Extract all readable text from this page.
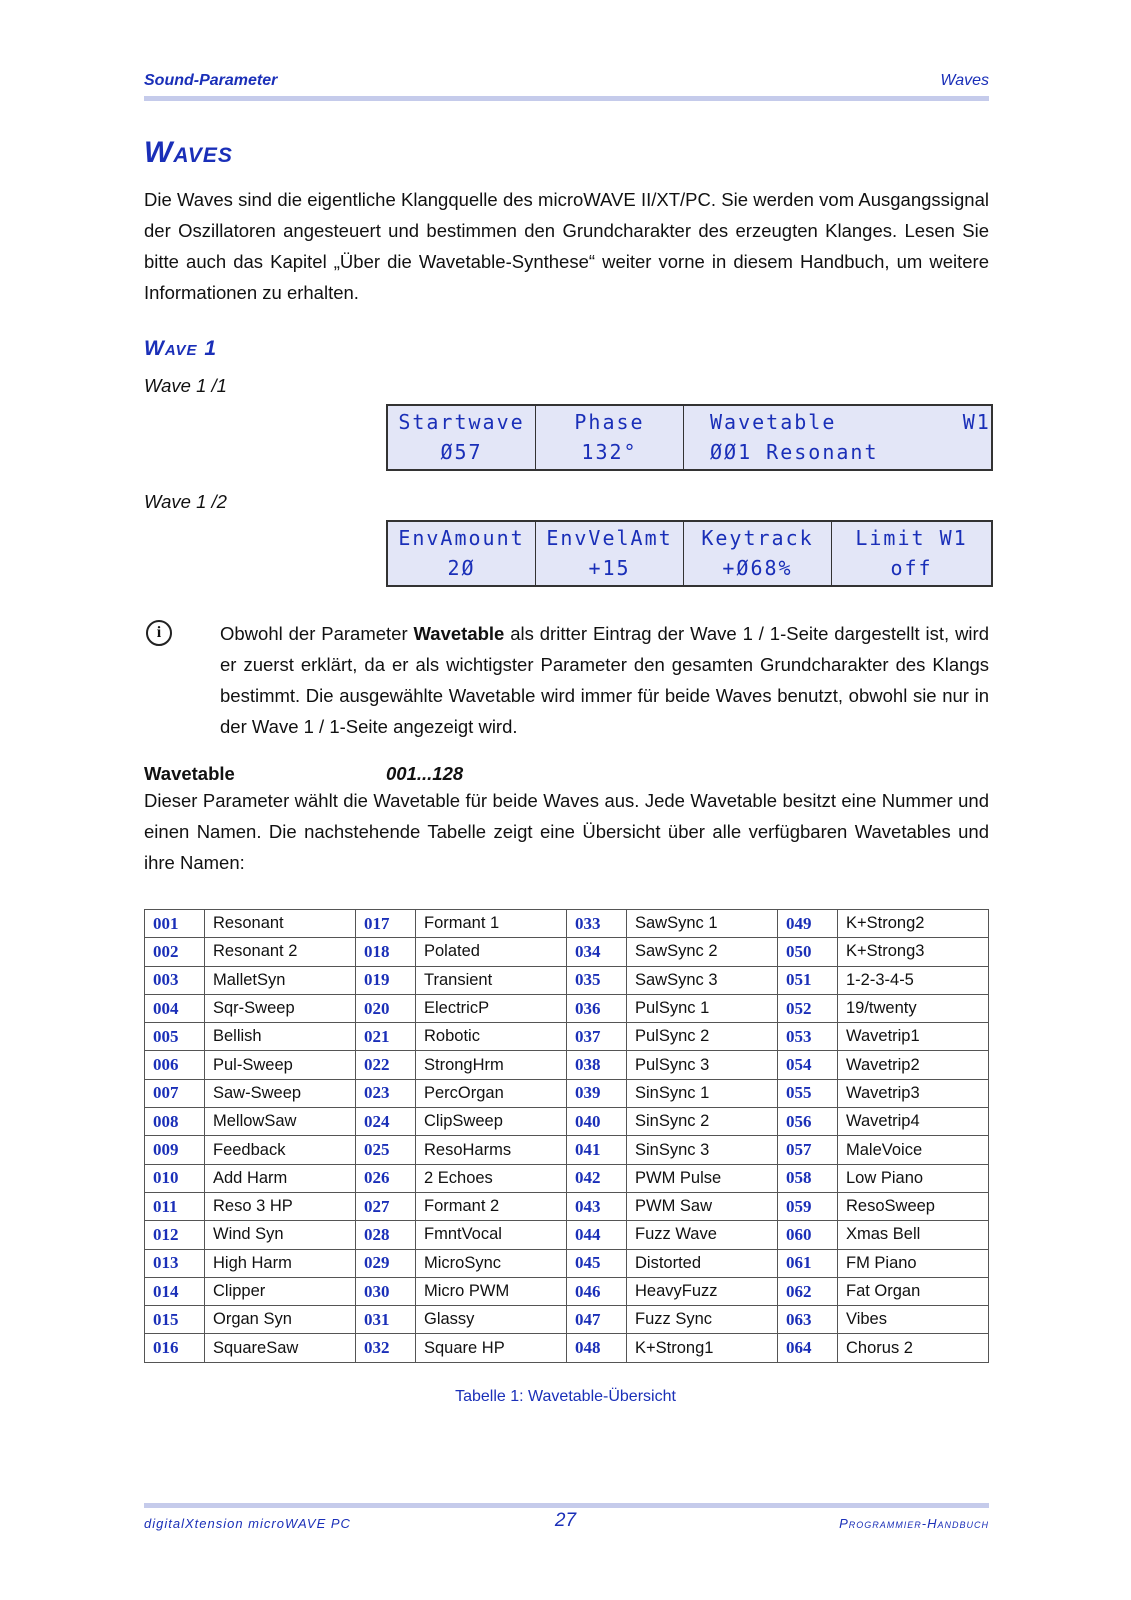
Sound-Parameter	Waves
Waves
Die Waves sind die eigentliche Klangquelle des microWAVE II/XT/PC. Sie werden vom Ausgangssignal der Oszillatoren angesteuert und bestimmen den Grundcharakter des erzeugten Klanges. Lesen Sie bitte auch das Kapitel „Über die Wavetable-Synthese“ weiter vorne in diesem Handbuch, um weitere Informationen zu erhalten.
Wave 1
Wave 1 /1
Startwave
Ø57
Phase
132°
Wavetable         W1
ØØ1 Resonant
Wave 1 /2
EnvAmount
2Ø
EnvVelAmt
+15
Keytrack
+Ø68%
Limit W1
off
i	Obwohl der Parameter Wavetable als dritter Eintrag der Wave 1 / 1-Seite dargestellt ist, wird er zuerst erklärt, da er als wichtigster Parameter den gesamten Grundcharakter des Klangs bestimmt. Die ausgewählte Wavetable wird immer für beide Waves benutzt, obwohl sie nur in der Wave 1 / 1-Seite angezeigt wird.
Wavetable	001...128
Dieser Parameter wählt die Wavetable für beide Waves aus. Jede Wavetable besitzt eine Nummer und einen Namen. Die nachstehende Tabelle zeigt eine Übersicht über alle verfügbaren Wavetables und ihre Namen:
001	Resonant	017	Formant 1	033	SawSync 1	049	K+Strong2
002	Resonant 2	018	Polated	034	SawSync 2	050	K+Strong3
003	MalletSyn	019	Transient	035	SawSync 3	051	1-2-3-4-5
004	Sqr-Sweep	020	ElectricP	036	PulSync 1	052	19/twenty
005	Bellish	021	Robotic	037	PulSync 2	053	Wavetrip1
006	Pul-Sweep	022	StrongHrm	038	PulSync 3	054	Wavetrip2
007	Saw-Sweep	023	PercOrgan	039	SinSync 1	055	Wavetrip3
008	MellowSaw	024	ClipSweep	040	SinSync 2	056	Wavetrip4
009	Feedback	025	ResoHarms	041	SinSync 3	057	MaleVoice
010	Add Harm	026	2 Echoes	042	PWM Pulse	058	Low Piano
011	Reso 3 HP	027	Formant 2	043	PWM Saw	059	ResoSweep
012	Wind Syn	028	FmntVocal	044	Fuzz Wave	060	Xmas Bell
013	High Harm	029	MicroSync	045	Distorted	061	FM Piano
014	Clipper	030	Micro PWM	046	HeavyFuzz	062	Fat Organ
015	Organ Syn	031	Glassy	047	Fuzz Sync	063	Vibes
016	SquareSaw	032	Square HP	048	K+Strong1	064	Chorus 2
Tabelle 1: Wavetable-Übersicht
digitalXtension microWAVE PC	27	Programmier-Handbuch
